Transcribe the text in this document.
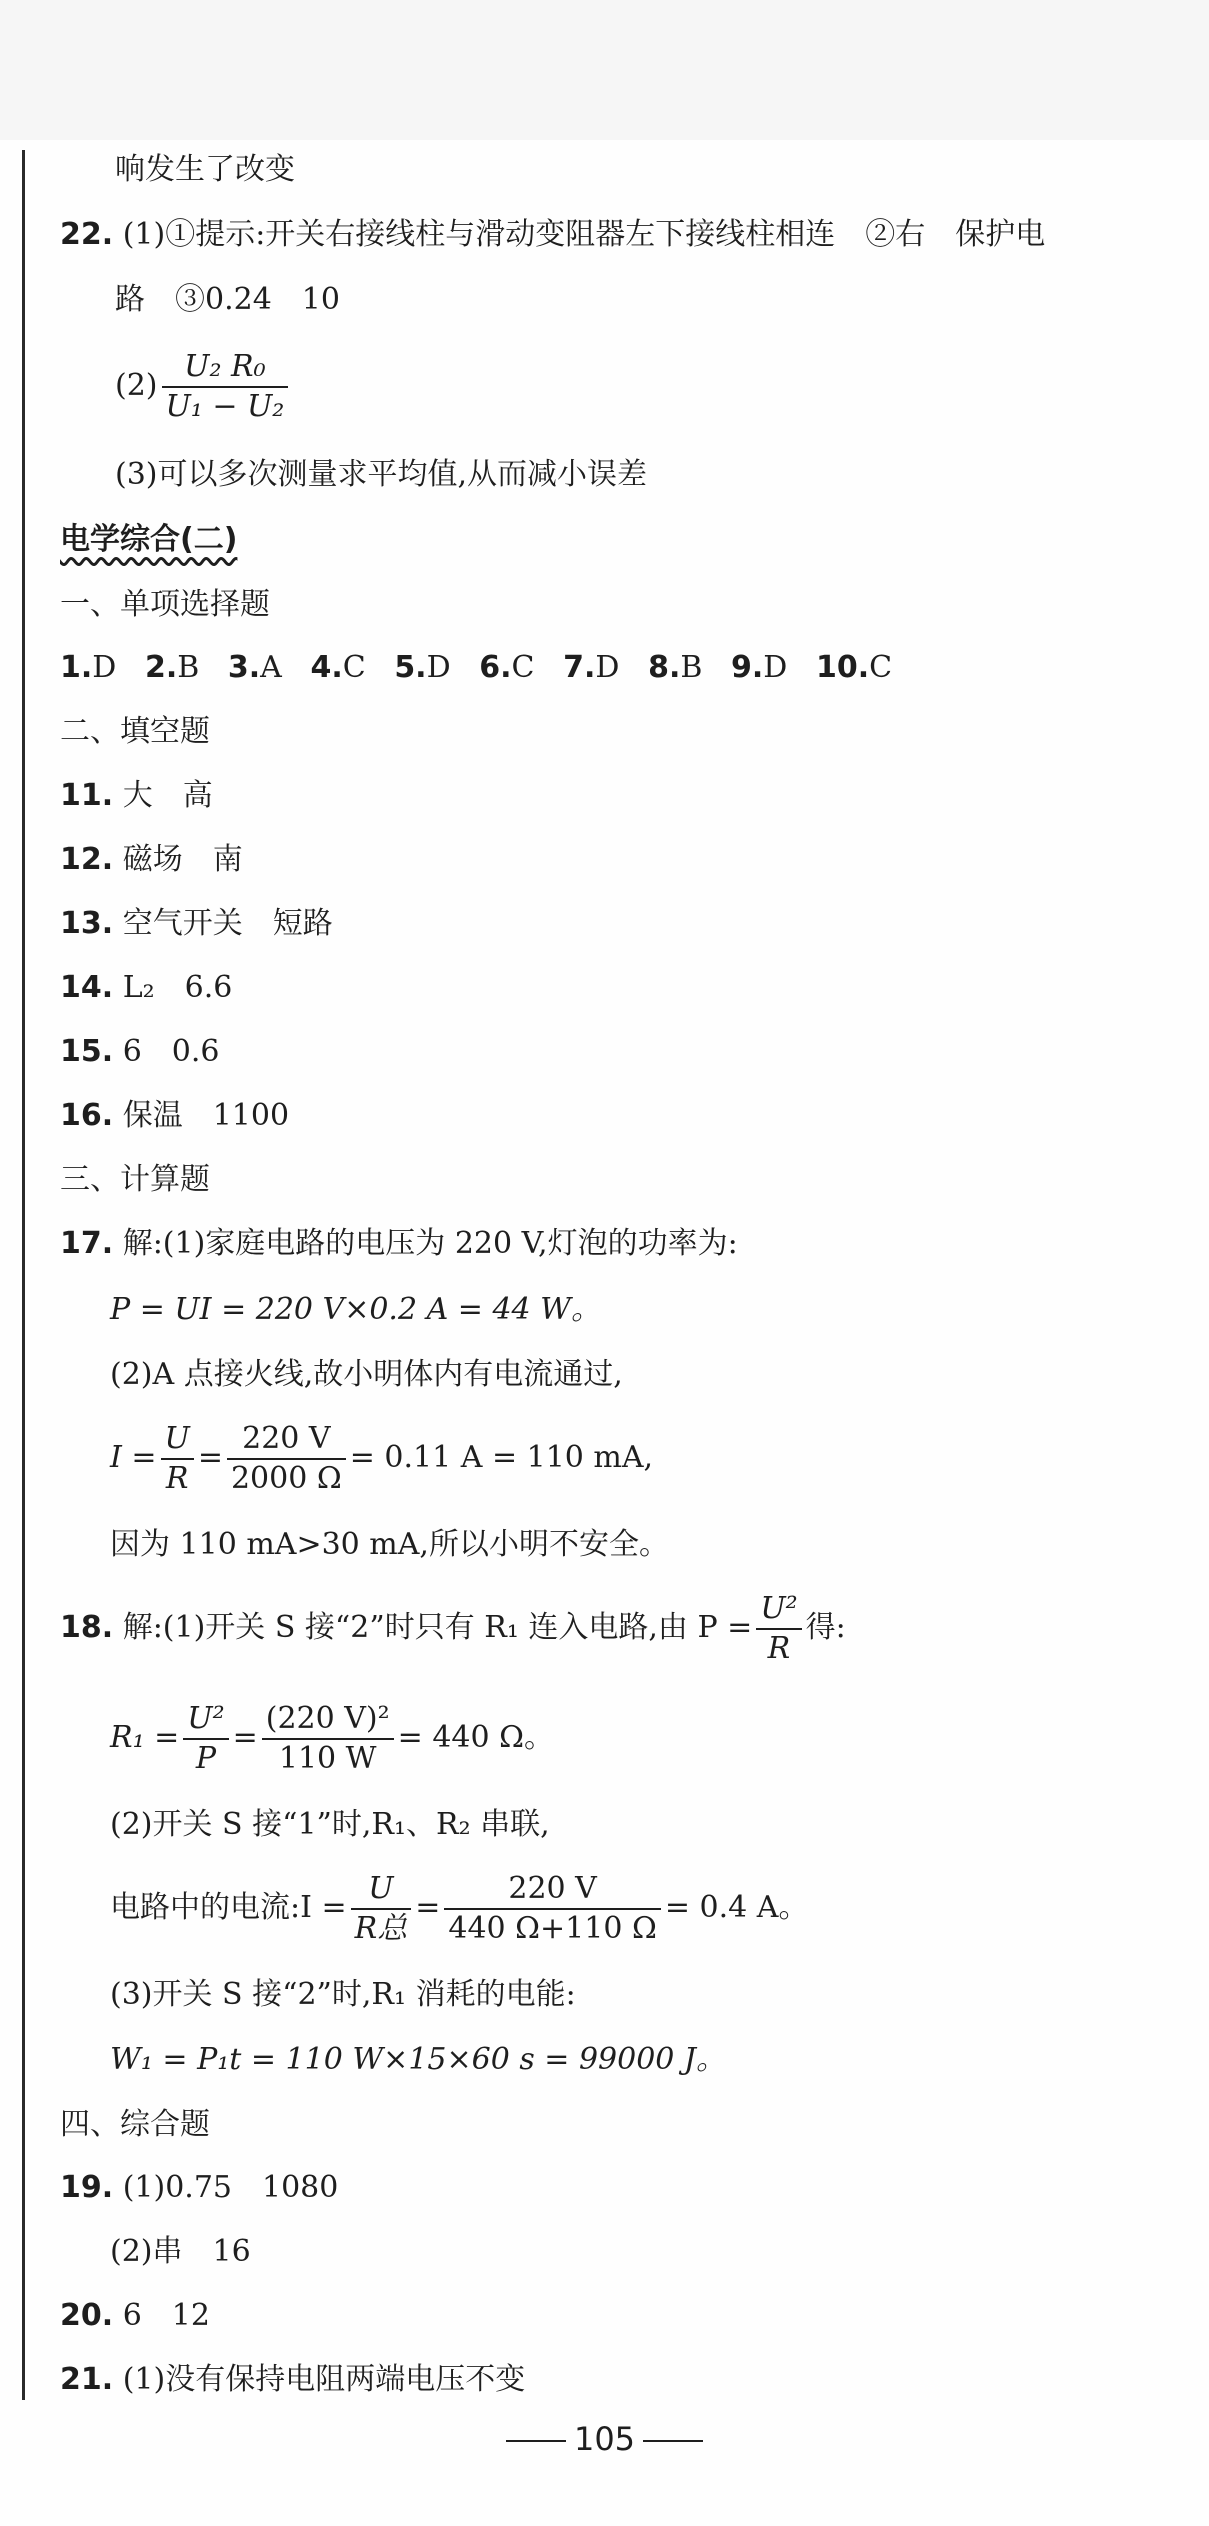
响发生了改变
22. (1)①提示:开关右接线柱与滑动变阻器左下接线柱相连　②右　保护电
路　③0.24　10
$(2) \frac{\text{U₂ R₀}}{\text{U₁ − U₂}}$
(3)可以多次测量求平均值,从而减小误差
电学综合(二)
一、单项选择题
1.D 2.B 3.A 4.C 5.D 6.C 7.D 8.B 9.D 10.C
二、填空题
11. 大　高
12. 磁场　南
13. 空气开关　短路
14. L₂　6.6
15. 6　0.6
16. 保温　1100
三、计算题
17. 解:(1)家庭电路的电压为 220 V,灯泡的功率为:
P = UI = 220 V×0.2 A = 44 W。
(2)A 点接火线,故小明体内有电流通过,
$I = \frac{U}{R} = \frac{220 V}{2000 \Omega} = 0.11$ A = 110 mA,
因为 110 mA>30 mA,所以小明不安全。
18. 解:(1)开关 S 接“2”时只有 R₁ 连入电路,由 $P = \frac{\text{U²}}{R}$ 得:
$R_1 = \frac{\text{U²}}{P} = \frac{\text{(220 V)²}}{110 W} = 440$ Ω。
(2)开关 S 接“1”时,R₁、R₂ 串联,
电路中的电流:I = $\frac{U}{\text{R总}} = \frac{220 V}{440 \Omega+110 \Omega} = 0.4$ A。
(3)开关 S 接“2”时,R₁ 消耗的电能:
W₁ = P₁t = 110 W×15×60 s = 99000 J。
四、综合题
19. (1)0.75　1080
(2)串　16
20. 6　12
21. (1)没有保持电阻两端电压不变
105
